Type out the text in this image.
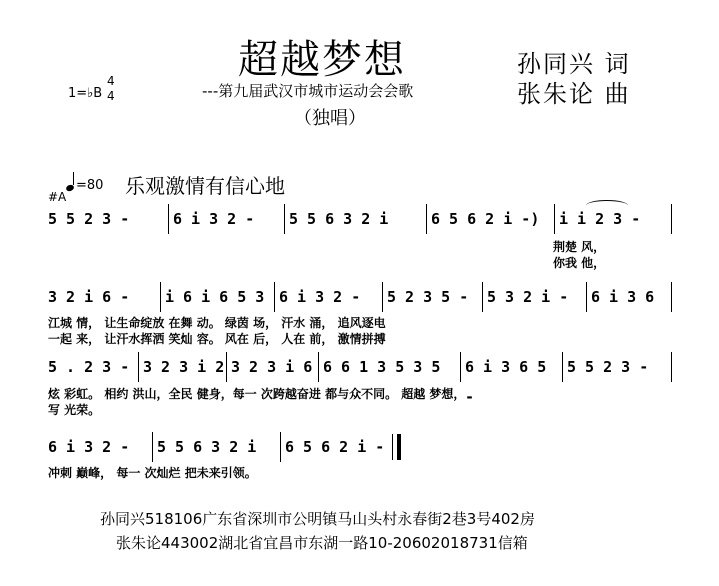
超越梦想
---第九届武汉市城市运动会会歌
（独唱）
孙同兴 词
张朱论 曲
1=♭B
4
4
#A
=80 乐观激情有信心地
5 5 2 3 -	6 i 3 2 -	5 5 6 3 2 i	6 5 6 2 i -)	i i 2 3 -
荆楚 风，
你我 他，
3 2 i 6 -	i 6 i 6 5 3 6 i 3 2 -	5 2 3 5 -	5 3 2 i -	6 i 3 6
江城 情， 让生命绽放 在舞 动。 绿茵 场， 汗水 涌， 追风逐电
一起 来， 让汗水挥洒 笑灿 容。 风在 后， 人在 前， 激情拼搏
5 . 2 3 - 3 2 3 i 2 3 2 3 i 6 6 6 1 3 5 3 5	6 i 3 6 5 -
5 5 2 3 -
炫 彩虹。 相约 洪山，全民 健身，每一 次跨越奋进 都与众不同。 超越 梦想，
写 光荣。
6 i 3 2 -	5 5 6 3 2 i	6 5 6 2 i -
冲刺 巅峰， 每一 次灿烂 把未来引领。
孙同兴518106广东省深圳市公明镇马山头村永春街2巷3号402房
张朱论443002湖北省宜昌市东湖一路10-20602018731信箱
